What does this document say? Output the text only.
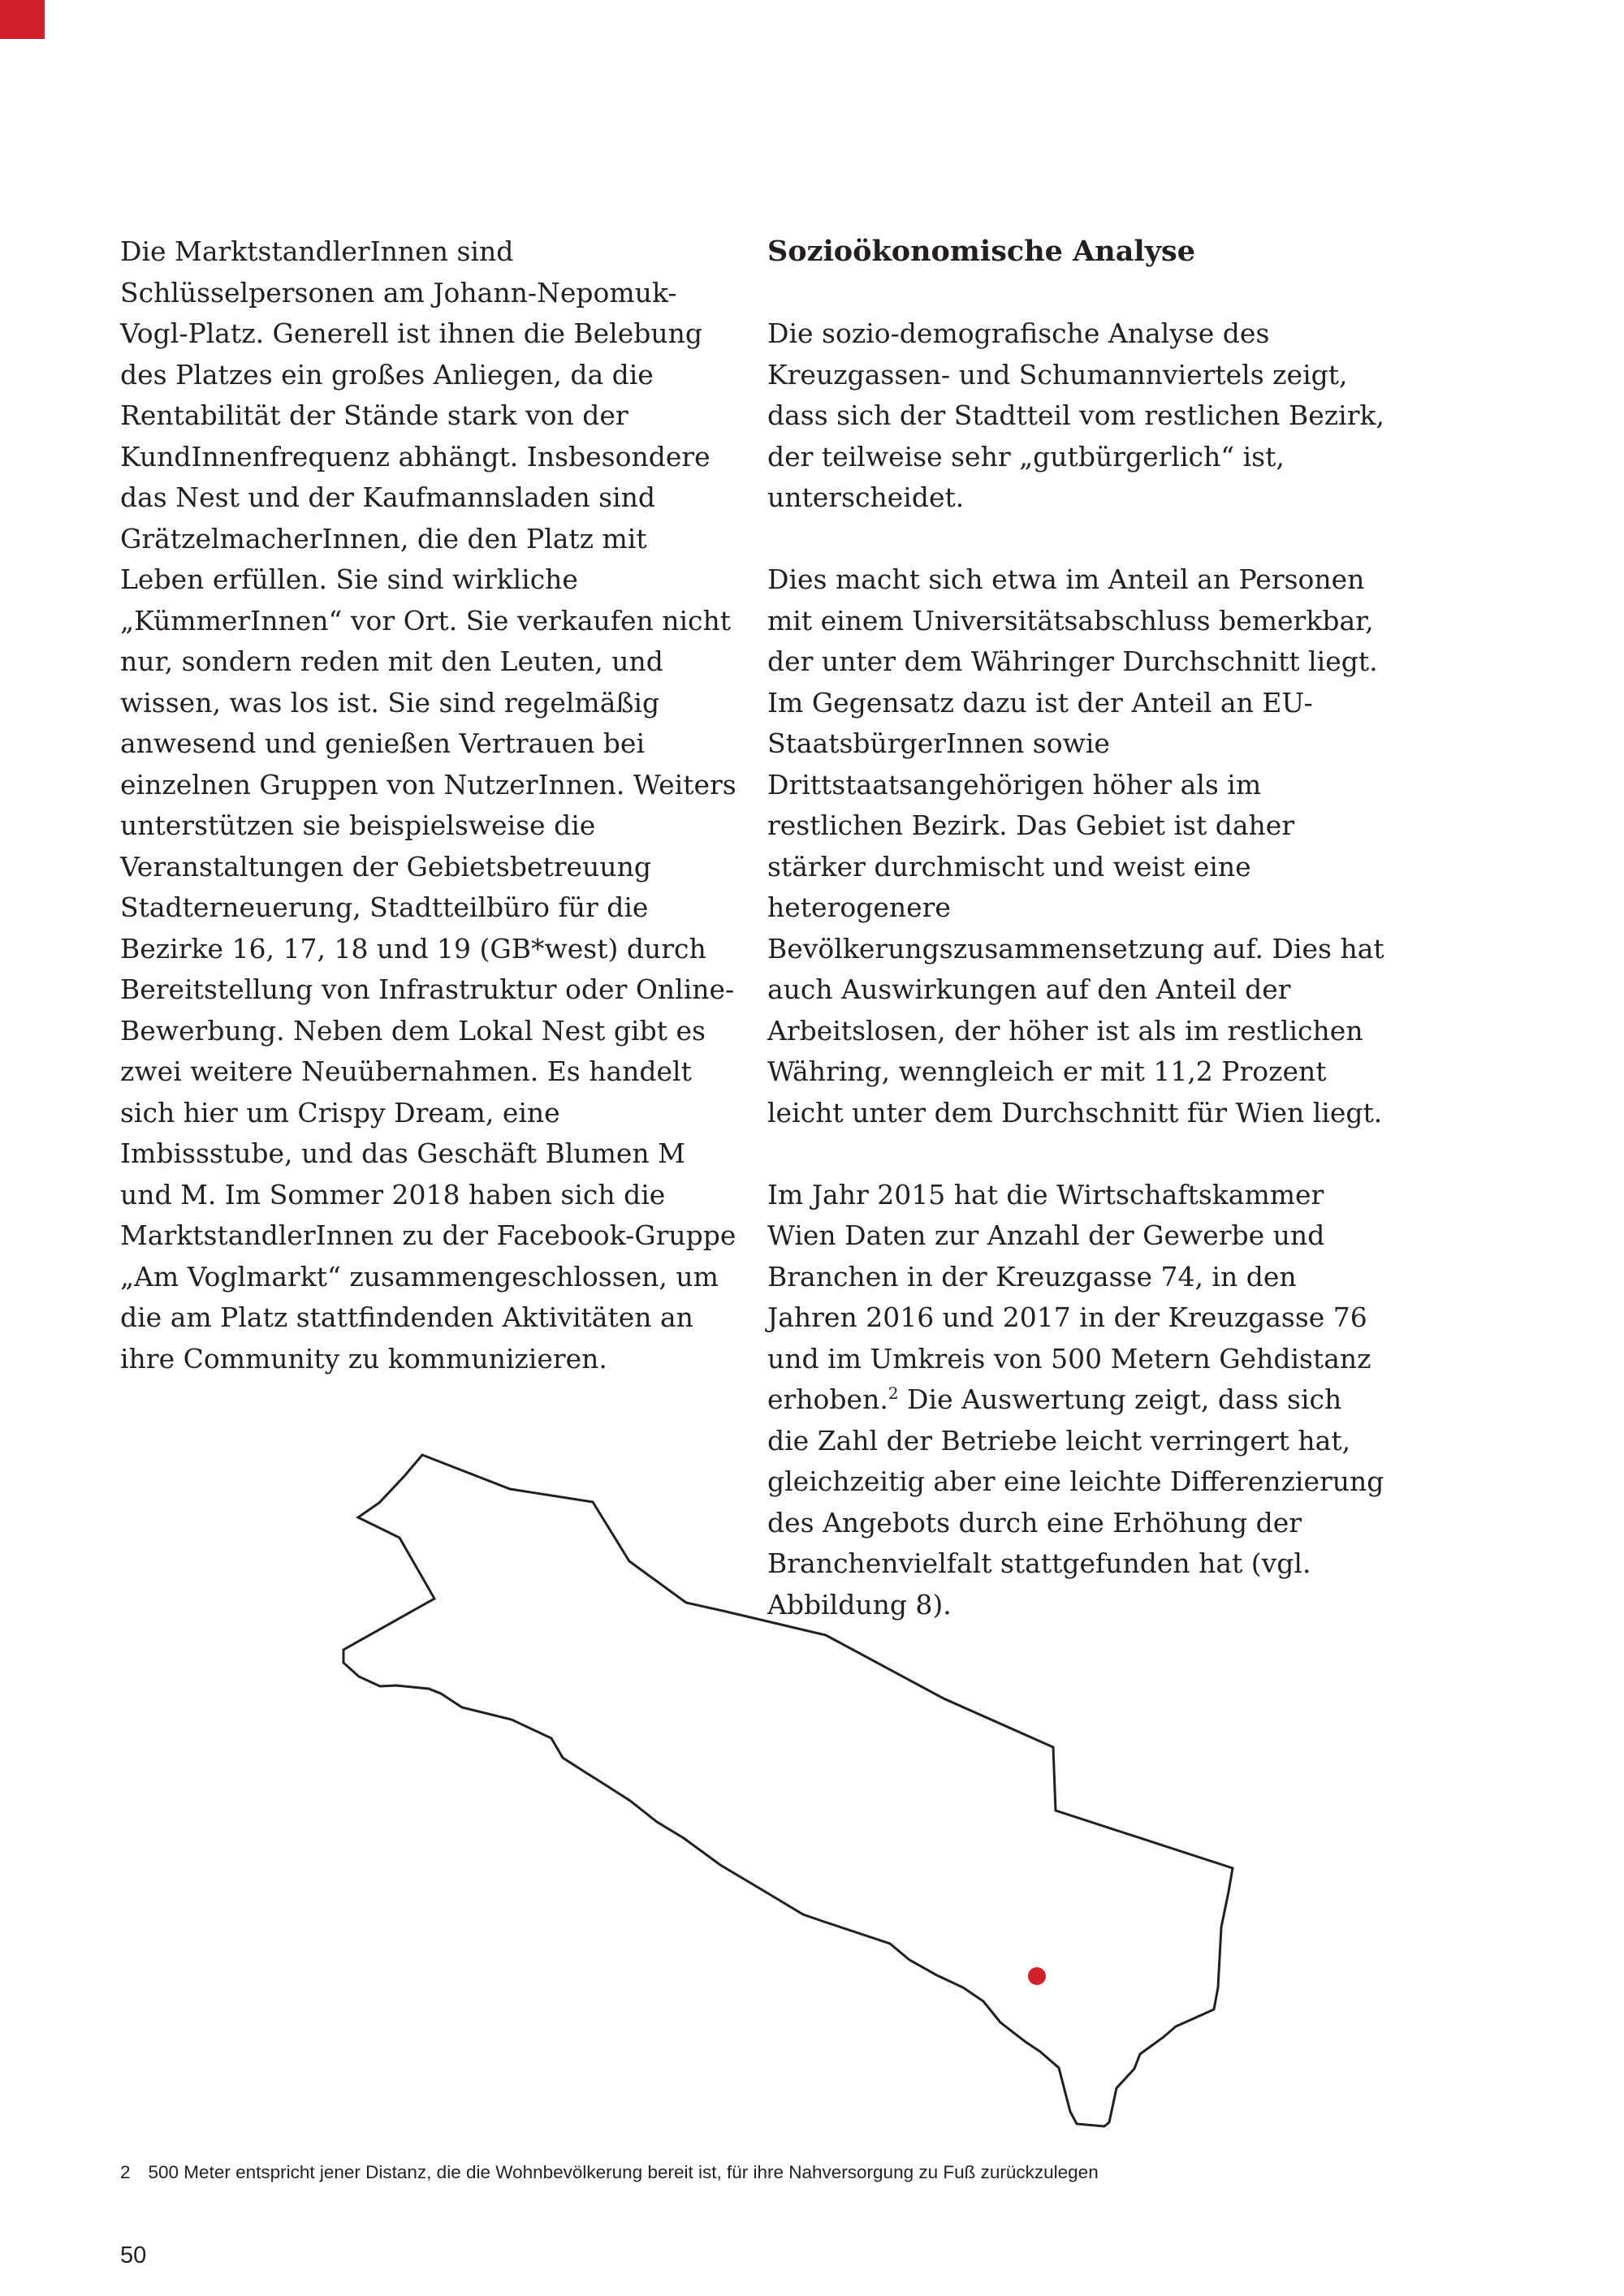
Die MarktstandlerInnen sind Schlüsselpersonen am Johann-Nepomuk-Vogl-Platz. Generell ist ihnen die Belebung des Platzes ein großes Anliegen, da die Rentabilität der Stände stark von der KundInnenfrequenz abhängt. Insbesondere das Nest und der Kaufmannsladen sind GrätzelmacherInnen, die den Platz mit Leben erfüllen. Sie sind wirkliche „KümmerInnen“ vor Ort. Sie verkaufen nicht nur, sondern reden mit den Leuten, und wissen, was los ist. Sie sind regelmäßig anwesend und genießen Vertrauen bei einzelnen Gruppen von NutzerInnen. Weiters unterstützen sie beispielsweise die Veranstaltungen der Gebietsbetreuung Stadterneuerung, Stadtteilbüro für die Bezirke 16, 17, 18 und 19 (GB*west) durch Bereitstellung von Infrastruktur oder Online-Bewerbung. Neben dem Lokal Nest gibt es zwei weitere Neuübernahmen. Es handelt sich hier um Crispy Dream, eine Imbissstube, und das Geschäft Blumen M und M. Im Sommer 2018 haben sich die MarktstandlerInnen zu der Facebook-Gruppe „Am Voglmarkt“ zusammengeschlossen, um die am Platz stattfindenden Aktivitäten an ihre Community zu kommunizieren.

Sozioökonomische Analyse

Die sozio-demografische Analyse des Kreuzgassen- und Schumannviertels zeigt, dass sich der Stadtteil vom restlichen Bezirk, der teilweise sehr „gutbürgerlich“ ist, unterscheidet.

Dies macht sich etwa im Anteil an Personen mit einem Universitätsabschluss bemerkbar, der unter dem Währinger Durchschnitt liegt. Im Gegensatz dazu ist der Anteil an EU-StaatsbürgerInnen sowie Drittstaatsangehörigen höher als im restlichen Bezirk. Das Gebiet ist daher stärker durchmischt und weist eine heterogenere Bevölkerungszusammensetzung auf. Dies hat auch Auswirkungen auf den Anteil der Arbeitslosen, der höher ist als im restlichen Währing, wenngleich er mit 11,2 Prozent leicht unter dem Durchschnitt für Wien liegt.

Im Jahr 2015 hat die Wirtschaftskammer Wien Daten zur Anzahl der Gewerbe und Branchen in der Kreuzgasse 74, in den Jahren 2016 und 2017 in der Kreuzgasse 76 und im Umkreis von 500 Metern Gehdistanz erhoben.$^2$ Die Auswertung zeigt, dass sich die Zahl der Betriebe leicht verringert hat, gleichzeitig aber eine leichte Differenzierung des Angebots durch eine Erhöhung der Branchenvielfalt stattgefunden hat (vgl. Abbildung 8).

2 500 Meter entspricht jener Distanz, die die Wohnbevölkerung bereit ist, für ihre Nahversorgung zu Fuß zurückzulegen
50
